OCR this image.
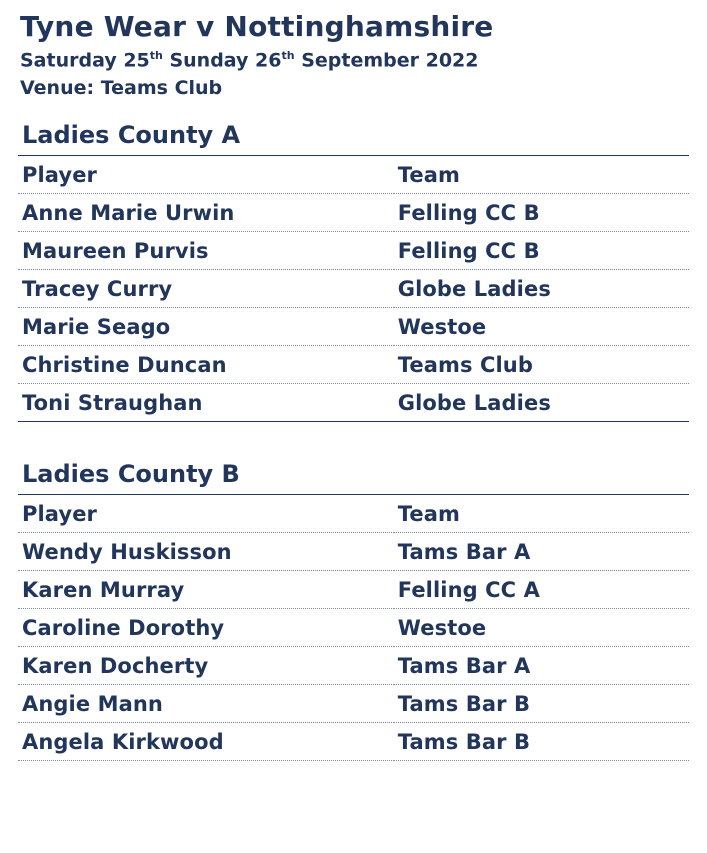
Tyne Wear v Nottinghamshire
Saturday 25th Sunday 26th September 2022
Venue: Teams Club
Ladies County A
Player	Team
Anne Marie Urwin	Felling CC B
Maureen Purvis	Felling CC B
Tracey Curry	Globe Ladies
Marie Seago	Westoe
Christine Duncan	Teams Club
Toni Straughan	Globe Ladies
Ladies County B
Player	Team
Wendy Huskisson	Tams Bar A
Karen Murray	Felling CC A
Caroline Dorothy	Westoe
Karen Docherty	Tams Bar A
Angie Mann	Tams Bar B
Angela Kirkwood	Tams Bar B
